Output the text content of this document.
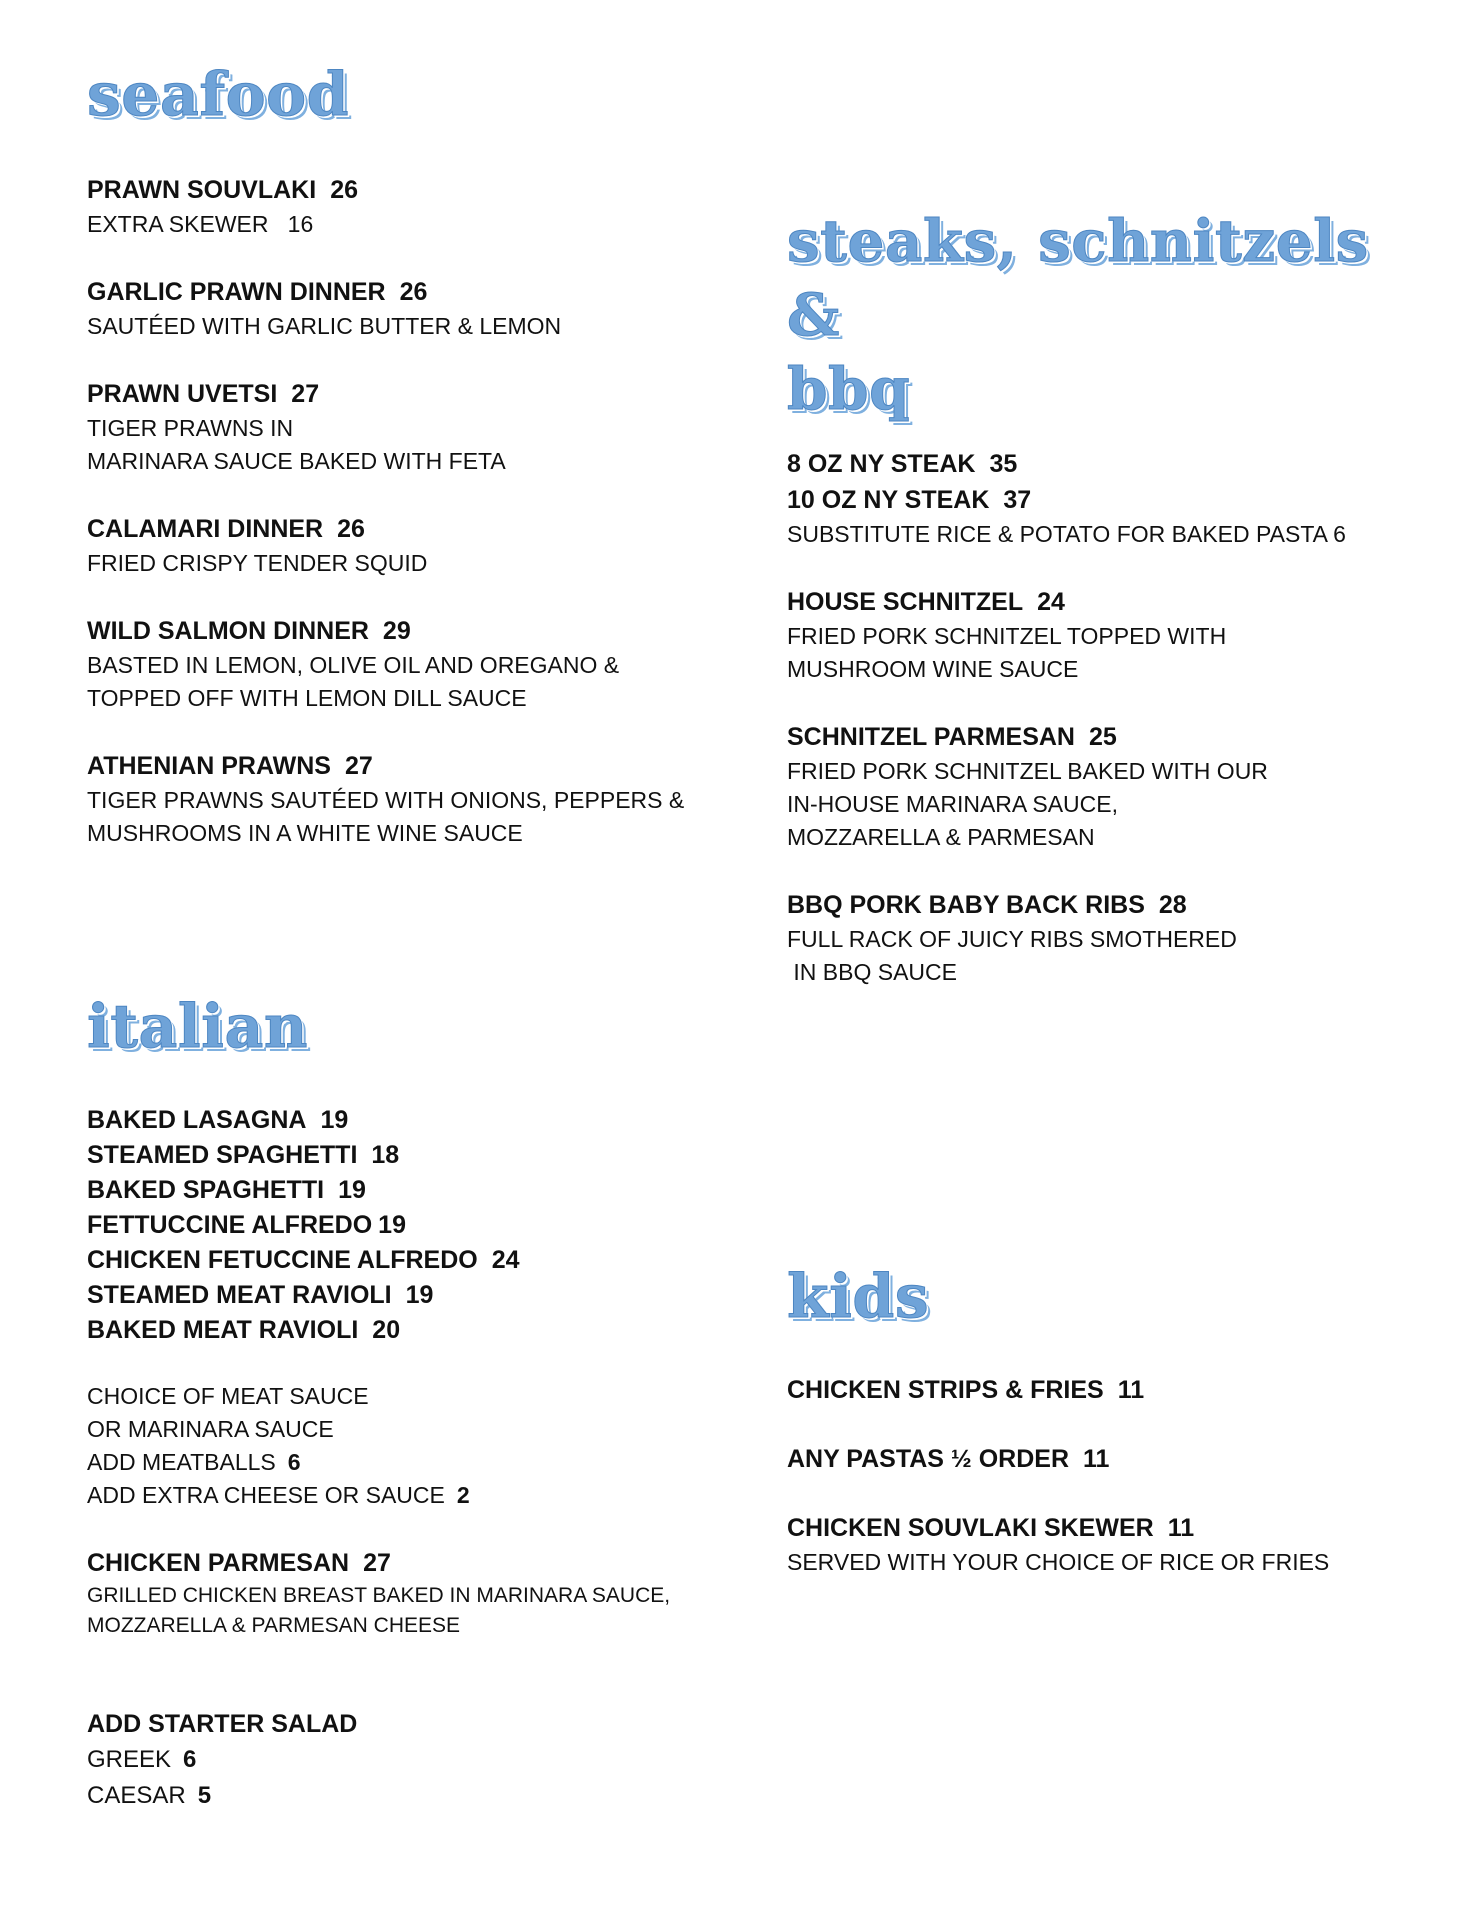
seafood
PRAWN SOUVLAKI 26
EXTRA SKEWER   16
GARLIC PRAWN DINNER 26
SAUTÉED WITH GARLIC BUTTER & LEMON
PRAWN UVETSI 27
TIGER PRAWNS IN
MARINARA SAUCE BAKED WITH FETA
CALAMARI DINNER 26
FRIED CRISPY TENDER SQUID
WILD SALMON DINNER 29
BASTED IN LEMON, OLIVE OIL AND OREGANO &
TOPPED OFF WITH LEMON DILL SAUCE
ATHENIAN PRAWNS 27
TIGER PRAWNS SAUTÉED WITH ONIONS, PEPPERS &
MUSHROOMS IN A WHITE WINE SAUCE
steaks, schnitzels &
bbq
8 OZ NY STEAK 35
10 OZ NY STEAK 37
SUBSTITUTE RICE & POTATO FOR BAKED PASTA 6
HOUSE SCHNITZEL 24
FRIED PORK SCHNITZEL TOPPED WITH
MUSHROOM WINE SAUCE
SCHNITZEL PARMESAN 25
FRIED PORK SCHNITZEL BAKED WITH OUR
IN-HOUSE MARINARA SAUCE,
MOZZARELLA & PARMESAN
BBQ PORK BABY BACK RIBS 28
FULL RACK OF JUICY RIBS SMOTHERED
IN BBQ SAUCE
italian
BAKED LASAGNA 19
STEAMED SPAGHETTI 18
BAKED SPAGHETTI 19
FETTUCCINE ALFREDO 19
CHICKEN FETUCCINE ALFREDO 24
STEAMED MEAT RAVIOLI 19
BAKED MEAT RAVIOLI 20
CHOICE OF MEAT SAUCE
OR MARINARA SAUCE
ADD MEATBALLS 6
ADD EXTRA CHEESE OR SAUCE 2
CHICKEN PARMESAN 27
GRILLED CHICKEN BREAST BAKED IN MARINARA SAUCE,
MOZZARELLA & PARMESAN CHEESE
ADD STARTER SALAD
GREEK 6
CAESAR 5
kids
CHICKEN STRIPS & FRIES 11
ANY PASTAS ½ ORDER 11
CHICKEN SOUVLAKI SKEWER 11
SERVED WITH YOUR CHOICE OF RICE OR FRIES
